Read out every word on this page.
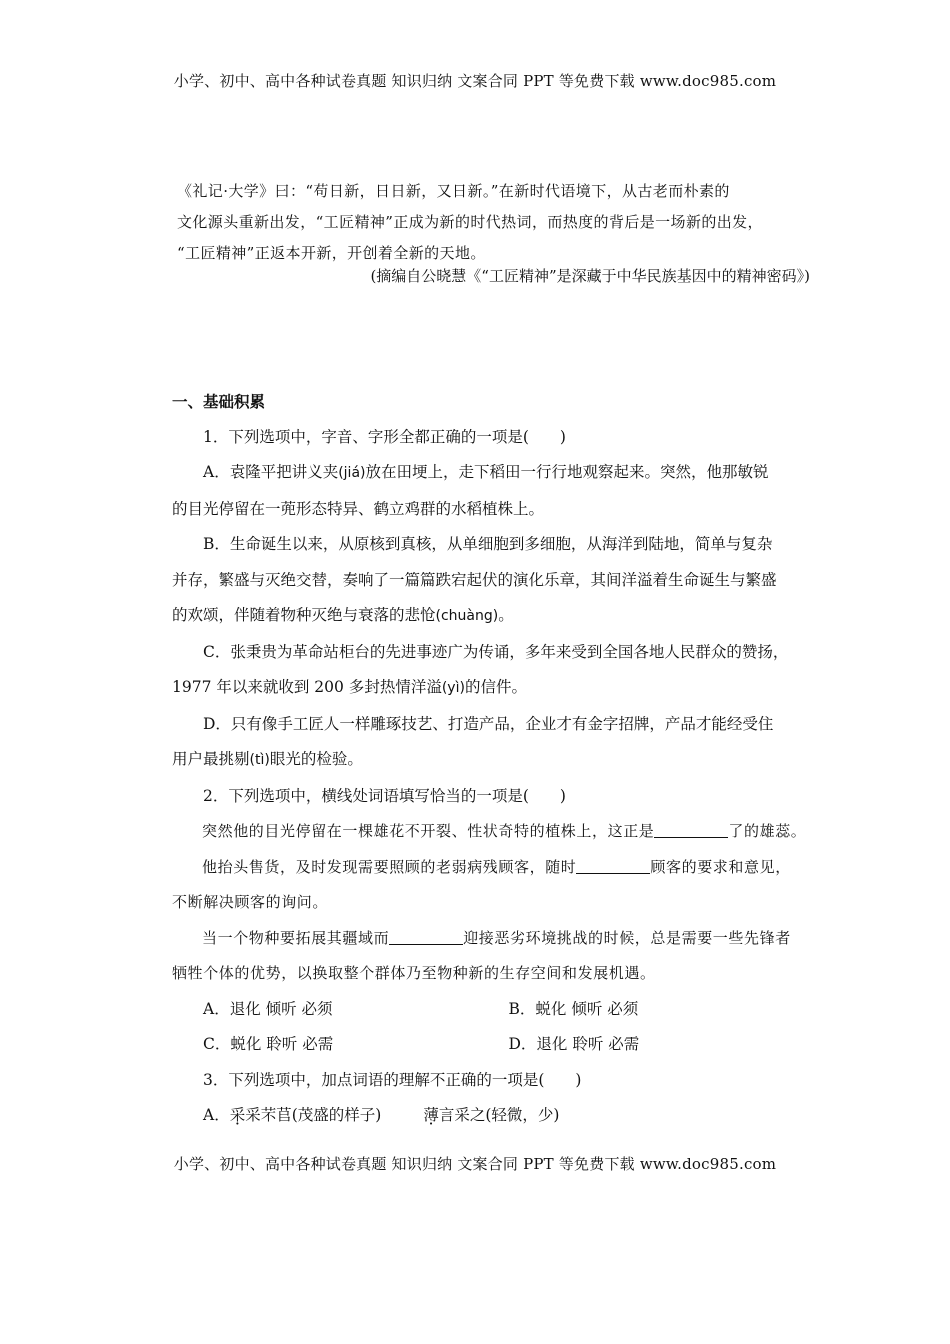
小学、初中、高中各种试卷真题 知识归纳 文案合同 PPT 等免费下载 www.doc985.com

《礼记·大学》曰：“苟日新，日日新，又日新。”在新时代语境下，从古老而朴素的

文化源头重新出发，“工匠精神”正成为新的时代热词，而热度的背后是一场新的出发，

“工匠精神”正返本开新，开创着全新的天地。

(摘编自公晓慧《“工匠精神”是深藏于中华民族基因中的精神密码》)

一、基础积累

1．下列选项中，字音、字形全都正确的一项是(　　)

A．袁隆平把讲义夹(jiá)放在田埂上，走下稻田一行行地观察起来。突然，他那敏锐

的目光停留在一蔸形态特异、鹤立鸡群的水稻植株上。

B．生命诞生以来，从原核到真核，从单细胞到多细胞，从海洋到陆地，简单与复杂

并存，繁盛与灭绝交替，奏响了一篇篇跌宕起伏的演化乐章，其间洋溢着生命诞生与繁盛

的欢颂，伴随着物种灭绝与衰落的悲怆(chuàng)。

C．张秉贵为革命站柜台的先进事迹广为传诵，多年来受到全国各地人民群众的赞扬，

1977 年以来就收到 200 多封热情洋溢(yì)的信件。

D．只有像手工匠人一样雕琢技艺、打造产品，企业才有金字招牌，产品才能经受住

用户最挑剔(tì)眼光的检验。

2．下列选项中，横线处词语填写恰当的一项是(　　)

突然他的目光停留在一棵雄花不开裂、性状奇特的植株上，这正是	了的雄蕊。

他抬头售货，及时发现需要照顾的老弱病残顾客，随时	顾客的要求和意见，

不断解决顾客的询问。

当一个物种要拓展其疆域而	迎接恶劣环境挑战的时候，总是需要一些先锋者

牺牲个体的优势，以换取整个群体乃至物种新的生存空间和发展机遇。

A．退化 倾听 必须	B．蜕化 倾听 必须
C．蜕化 聆听 必需	D．退化 聆听 必需

3．下列选项中，加点词语的理解不正确的一项是(　　)

A．采采芣苢(茂盛的样子)	薄言采之(轻微，少)

小学、初中、高中各种试卷真题 知识归纳 文案合同 PPT 等免费下载 www.doc985.com
